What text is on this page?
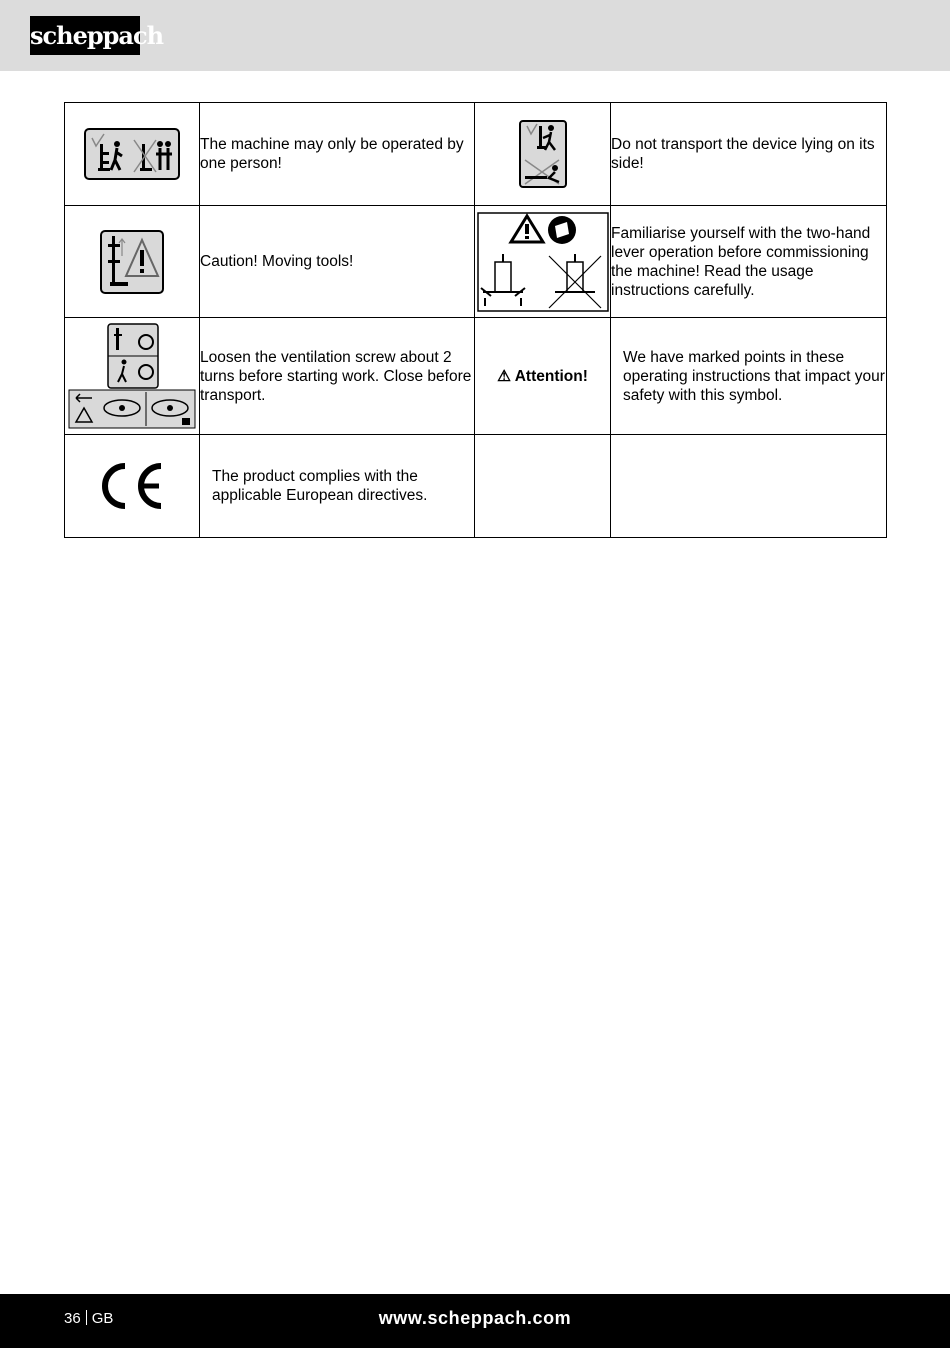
scheppach
	The machine may only be operated by one person!		Do not transport the device lying on its side!
	Caution! Moving tools!		Familiarise yourself with the two-hand lever operation before commissioning the machine! Read the usage instructions carefully.
	Loosen the ventilation screw about 2 turns before starting work. Close before transport.	⚠ Attention!	We have marked points in these operating instructions that impact your safety with this symbol.
	The product complies with the applicable European directives.		
36 GB	www.scheppach.com
